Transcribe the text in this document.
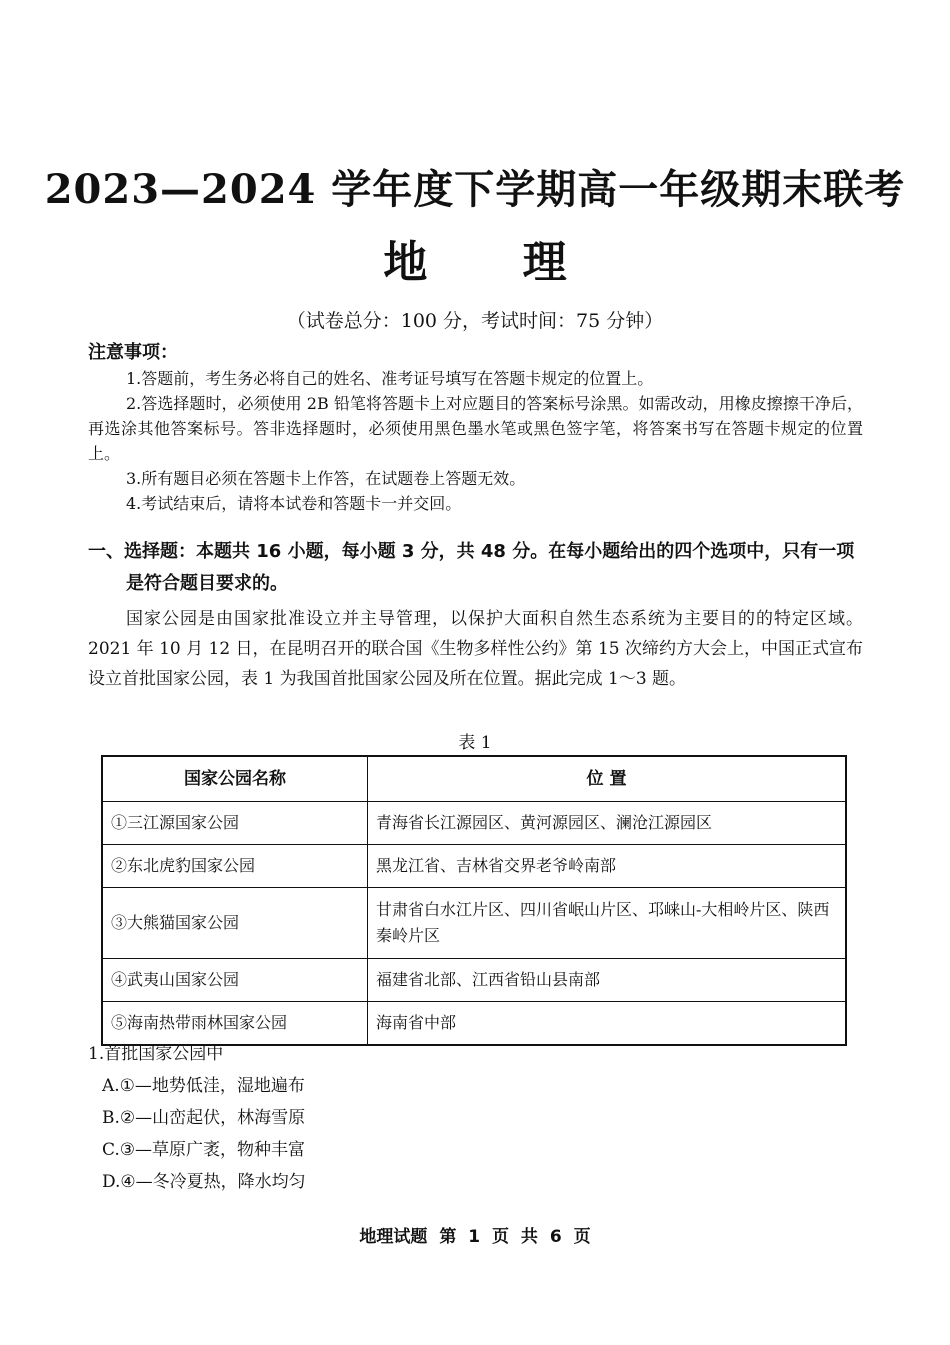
2023—2024 学年度下学期高一年级期末联考
地 理
（试卷总分：100 分，考试时间：75 分钟）
注意事项：

1.答题前，考生务必将自己的姓名、准考证号填写在答题卡规定的位置上。

2.答选择题时，必须使用 2B 铅笔将答题卡上对应题目的答案标号涂黑。如需改动，用橡皮擦擦干净后，再选涂其他答案标号。答非选择题时，必须使用黑色墨水笔或黑色签字笔，将答案书写在答题卡规定的位置上。

3.所有题目必须在答题卡上作答，在试题卷上答题无效。

4.考试结束后，请将本试卷和答题卡一并交回。

一、选择题：本题共 16 小题，每小题 3 分，共 48 分。在每小题给出的四个选项中，只有一项是符合题目要求的。

国家公园是由国家批准设立并主导管理，以保护大面积自然生态系统为主要目的的特定区域。2021 年 10 月 12 日，在昆明召开的联合国《生物多样性公约》第 15 次缔约方大会上，中国正式宣布设立首批国家公园，表 1 为我国首批国家公园及所在位置。据此完成 1～3 题。

表 1
国家公园名称	位 置
①三江源国家公园	青海省长江源园区、黄河源园区、澜沧江源园区
②东北虎豹国家公园	黑龙江省、吉林省交界老爷岭南部
③大熊猫国家公园	甘肃省白水江片区、四川省岷山片区、邛崃山-大相岭片区、陕西秦岭片区
④武夷山国家公园	福建省北部、江西省铅山县南部
⑤海南热带雨林国家公园	海南省中部

1.首批国家公园中

A.①—地势低洼，湿地遍布

B.②—山峦起伏，林海雪原

C.③—草原广袤，物种丰富

D.④—冬冷夏热，降水均匀

地理试题 第 1 页 共 6 页
